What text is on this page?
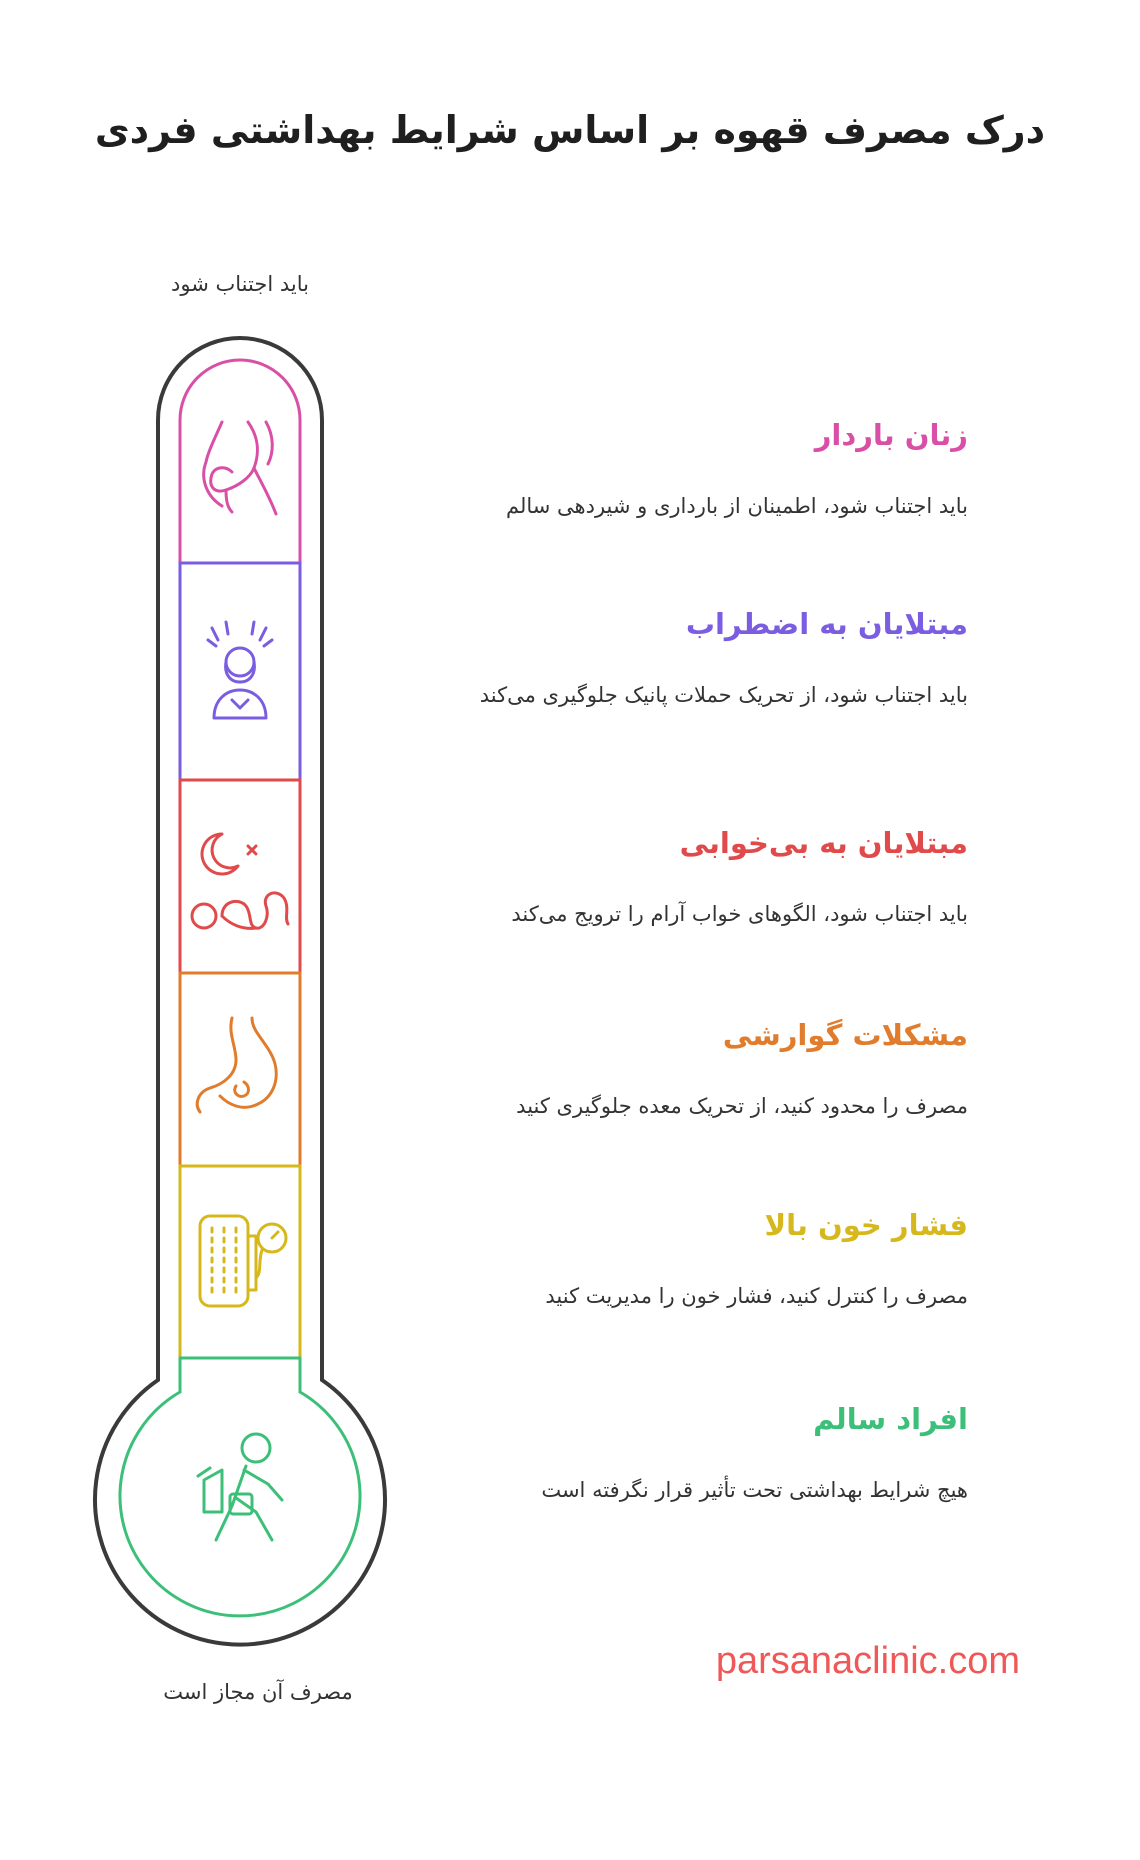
درک مصرف قهوه بر اساس شرایط بهداشتی فردی
باید اجتناب شود
زنان باردار

باید اجتناب شود، اطمینان از بارداری و شیردهی سالم

مبتلایان به اضطراب

باید اجتناب شود، از تحریک حملات پانیک جلوگیری می‌کند

مبتلایان به بی‌خوابی

باید اجتناب شود، الگوهای خواب آرام را ترویج می‌کند

مشکلات گوارشی

مصرف را محدود کنید، از تحریک معده جلوگیری کنید

فشار خون بالا

مصرف را کنترل کنید، فشار خون را مدیریت کنید

افراد سالم

هیچ شرایط بهداشتی تحت تأثیر قرار نگرفته است

مصرف آن مجاز است
parsanaclinic.com
